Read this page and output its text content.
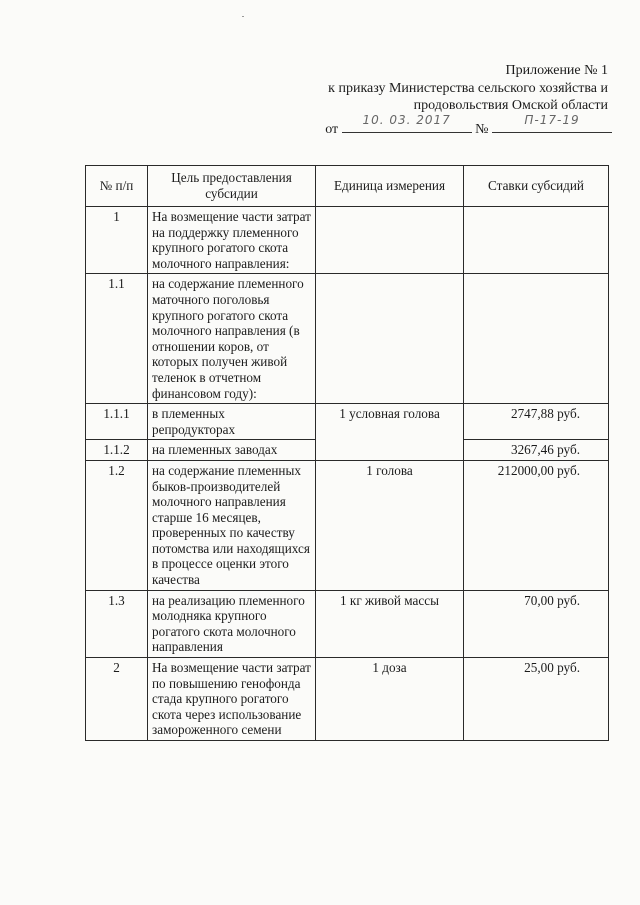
Приложение № 1
к приказу Министерства сельского хозяйства и
продовольствия Омской области
от
10. 03. 2017
№
П-17-19
№ п/п	Цель предоставления субсидии	Единица измерения	Ставки субсидий
1	На возмещение части затрат на поддержку племенного крупного рогатого скота молочного направления:		
1.1	на содержание племенного маточного поголовья крупного рогатого скота молочного направления (в отношении коров, от которых получен живой теленок в отчетном финансовом году):		
1.1.1	в племенных репродукторах	1 условная голова	2747,88 руб.
1.1.2	на племенных заводах		3267,46 руб.
1.2	на содержание племенных быков-производителей молочного направления старше 16 месяцев, проверенных по качеству потомства или находящихся в процессе оценки этого качества	1 голова	212000,00 руб.
1.3	на реализацию племенного молодняка крупного рогатого скота молочного направления	1 кг живой массы	70,00 руб.
2	На возмещение части затрат по повышению генофонда стада крупного рогатого скота через использование замороженного семени	1 доза	25,00 руб.
